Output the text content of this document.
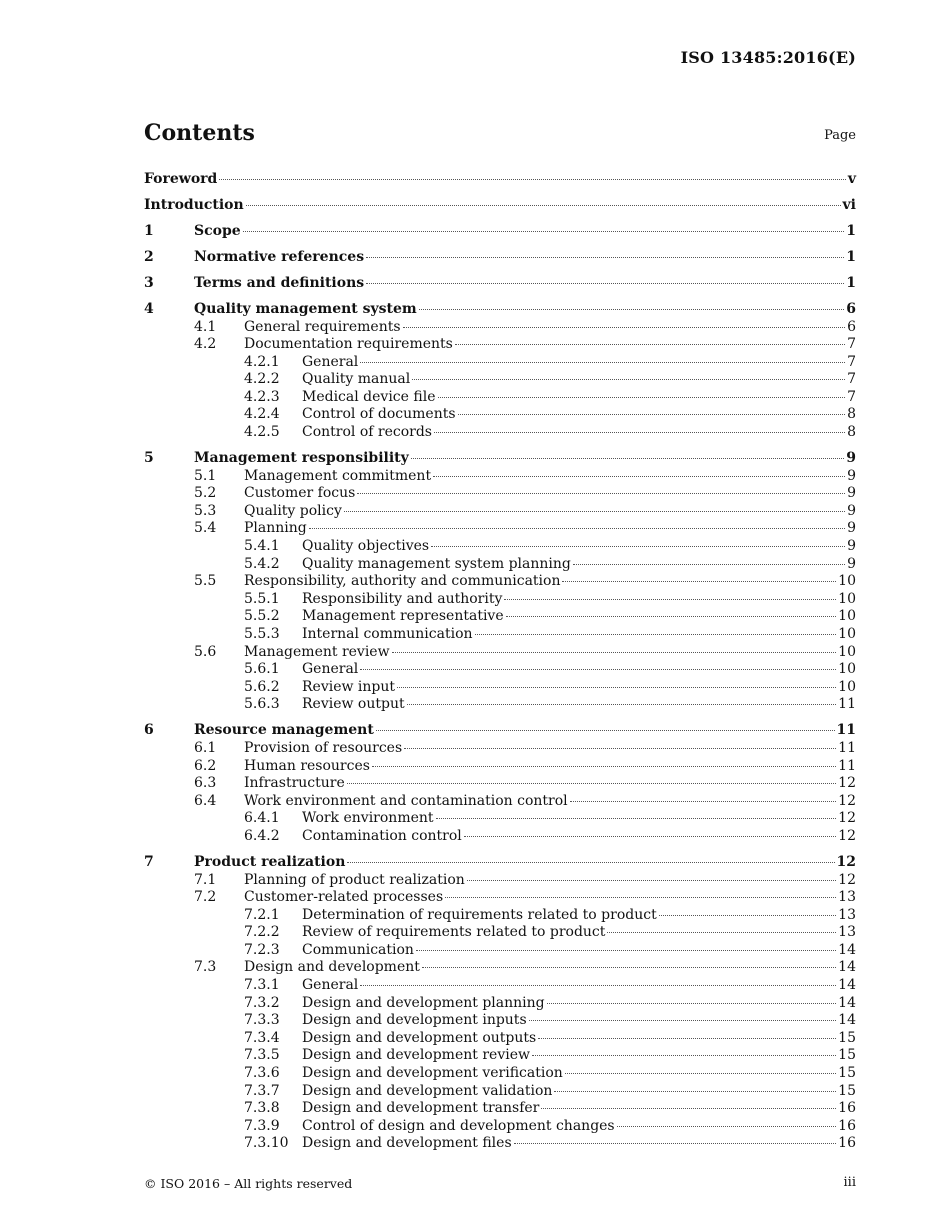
ISO 13485:2016(E)
Contents	Page
Foreword	v
Introduction	vi
1	Scope	1
2	Normative references	1
3	Terms and definitions	1
4	Quality management system	6
4.1	General requirements	6
4.2	Documentation requirements	7
4.2.1	General	7
4.2.2	Quality manual	7
4.2.3	Medical device file	7
4.2.4	Control of documents	8
4.2.5	Control of records	8
5	Management responsibility	9
5.1	Management commitment	9
5.2	Customer focus	9
5.3	Quality policy	9
5.4	Planning	9
5.4.1	Quality objectives	9
5.4.2	Quality management system planning	9
5.5	Responsibility, authority and communication	10
5.5.1	Responsibility and authority	10
5.5.2	Management representative	10
5.5.3	Internal communication	10
5.6	Management review	10
5.6.1	General	10
5.6.2	Review input	10
5.6.3	Review output	11
6	Resource management	11
6.1	Provision of resources	11
6.2	Human resources	11
6.3	Infrastructure	12
6.4	Work environment and contamination control	12
6.4.1	Work environment	12
6.4.2	Contamination control	12
7	Product realization	12
7.1	Planning of product realization	12
7.2	Customer-related processes	13
7.2.1	Determination of requirements related to product	13
7.2.2	Review of requirements related to product	13
7.2.3	Communication	14
7.3	Design and development	14
7.3.1	General	14
7.3.2	Design and development planning	14
7.3.3	Design and development inputs	14
7.3.4	Design and development outputs	15
7.3.5	Design and development review	15
7.3.6	Design and development verification	15
7.3.7	Design and development validation	15
7.3.8	Design and development transfer	16
7.3.9	Control of design and development changes	16
7.3.10 Design and development files	16
© ISO 2016 – All rights reserved	iii
